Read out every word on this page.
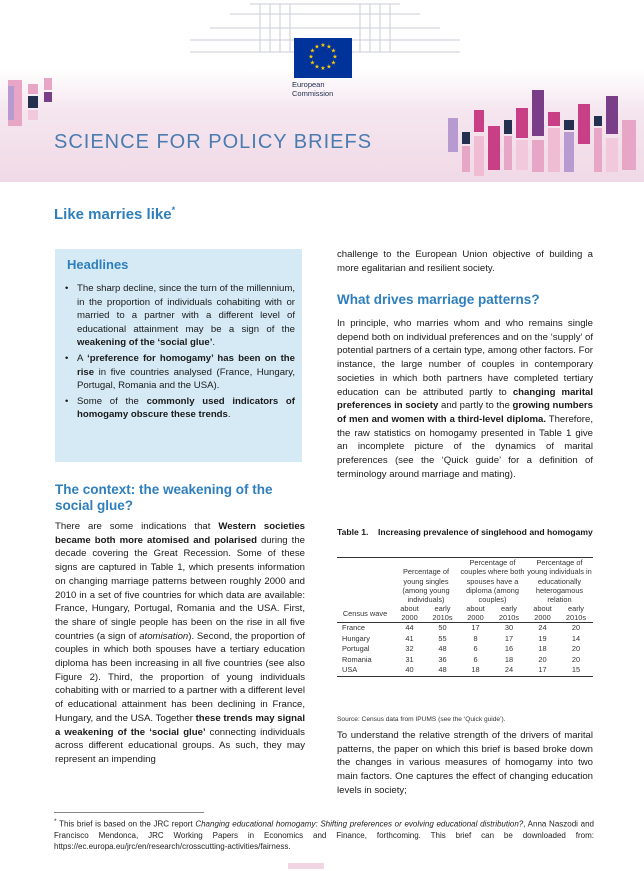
★ ★
★
★
★
★
★
★
★
★
★
★
European
Commission
SCIENCE FOR POLICY BRIEFS
Like marries like*
Headlines
• The sharp decline, since the turn of the millennium, in the proportion of individuals cohabiting with or married to a partner with a different level of educational attainment may be a sign of the weakening of the ‘social glue’.
• A ‘preference for homogamy’ has been on the rise in five countries analysed (France, Hungary, Portugal, Romania and the USA).
• Some of the commonly used indicators of homogamy obscure these trends.
The context: the weakening of the social glue?
There are some indications that Western societies became both more atomised and polarised during the decade covering the Great Recession. Some of these signs are captured in Table 1, which presents information on changing marriage patterns between roughly 2000 and 2010 in a set of five countries for which data are available: France, Hungary, Portugal, Romania and the USA. First, the share of single people has been on the rise in all five countries (a sign of atomisation). Second, the proportion of couples in which both spouses have a tertiary education diploma has been increasing in all five countries (see also Figure 2). Third, the proportion of young individuals cohabiting with or married to a partner with a different level of educational attainment has been declining in France, Hungary, and the USA. Together these trends may signal a weakening of the ‘social glue’ connecting individuals across different educational groups. As such, they may represent an impending
challenge to the European Union objective of building a more egalitarian and resilient society.
What drives marriage patterns?
In principle, who marries whom and who remains single depend both on individual preferences and on the ‘supply’ of potential partners of a certain type, among other factors. For instance, the large number of couples in contemporary societies in which both partners have completed tertiary education can be attributed partly to changing marital preferences in society and partly to the growing numbers of men and women with a third-level diploma. Therefore, the raw statistics on homogamy presented in Table 1 give an incomplete picture of the dynamics of marital preferences (see the ‘Quick guide’ for a definition of terminology around marriage and mating).
Table 1. Increasing prevalence of singlehood and homogamy
	Percentage of young singles (among young individuals)		Percentage of couples where both spouses have a diploma (among couples)		Percentage of young individuals in educationally heterogamous relation	
Census wave	about 2000	early 2010s	about 2000	early 2010s	about 2000	early 2010s
France	44	50	17	30	24	20
Hungary	41	55	8	17	19	14
Portugal	32	48	6	16	18	20
Romania	31	36	6	18	20	20
USA	40	48	18	24	17	15
Source: Census data from IPUMS (see the ‘Quick guide’).
To understand the relative strength of the drivers of marital patterns, the paper on which this brief is based broke down the changes in various measures of homogamy into two main factors. One captures the effect of changing education levels in society;
* This brief is based on the JRC report Changing educational homogamy: Shifting preferences or evolving educational distribution?, Anna Naszodi and Francisco Mendonca, JRC Working Papers in Economics and Finance, forthcoming. This brief can be downloaded from: https://ec.europa.eu/jrc/en/research/crosscutting-activities/fairness.
